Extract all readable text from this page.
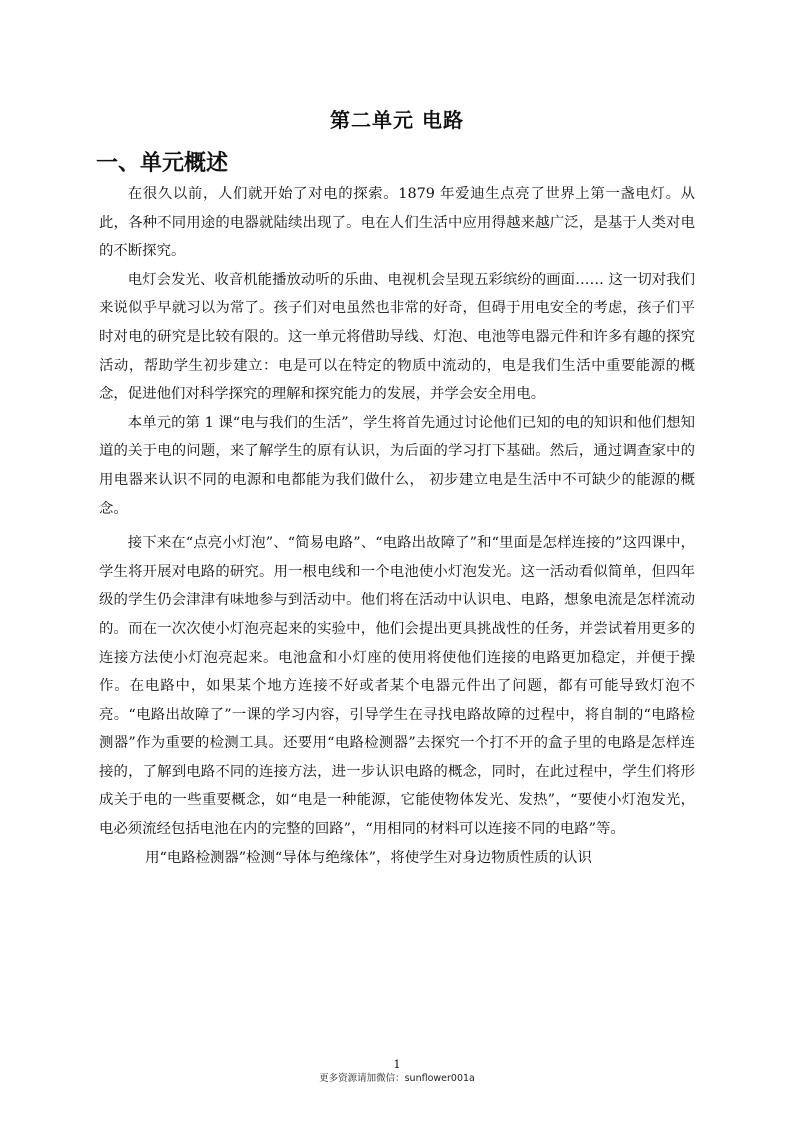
第二单元 电路
一、单元概述

在很久以前，人们就开始了对电的探索。1879 年爱迪生点亮了世界上第一盏电灯。从此，各种不同用途的电器就陆续出现了。电在人们生活中应用得越来越广泛，是基于人类对电的不断探究。

电灯会发光、收音机能播放动听的乐曲、电视机会呈现五彩缤纷的画面…… 这一切对我们来说似乎早就习以为常了。孩子们对电虽然也非常的好奇，但碍于用电安全的考虑，孩子们平时对电的研究是比较有限的。这一单元将借助导线、灯泡、电池等电器元件和许多有趣的探究活动，帮助学生初步建立：电是可以在特定的物质中流动的，电是我们生活中重要能源的概念，促进他们对科学探究的理解和探究能力的发展，并学会安全用电。

本单元的第 1 课“电与我们的生活”，学生将首先通过讨论他们已知的电的知识和他们想知道的关于电的问题，来了解学生的原有认识，为后面的学习打下基础。然后，通过调查家中的用电器来认识不同的电源和电都能为我们做什么， 初步建立电是生活中不可缺少的能源的概念。

接下来在“点亮小灯泡”、“简易电路”、“电路出故障了”和“里面是怎样连接的”这四课中，学生将开展对电路的研究。用一根电线和一个电池使小灯泡发光。这一活动看似简单，但四年级的学生仍会津津有味地参与到活动中。他们将在活动中认识电、电路，想象电流是怎样流动的。而在一次次使小灯泡亮起来的实验中，他们会提出更具挑战性的任务，并尝试着用更多的连接方法使小灯泡亮起来。电池盒和小灯座的使用将使他们连接的电路更加稳定，并便于操作。在电路中，如果某个地方连接不好或者某个电器元件出了问题，都有可能导致灯泡不亮。“电路出故障了”一课的学习内容，引导学生在寻找电路故障的过程中，将自制的“电路检测器”作为重要的检测工具。还要用“电路检测器”去探究一个打不开的盒子里的电路是怎样连接的，了解到电路不同的连接方法，进一步认识电路的概念，同时，在此过程中，学生们将形成关于电的一些重要概念，如“电是一种能源，它能使物体发光、发热”，“要使小灯泡发光，电必须流经包括电池在内的完整的回路”，“用相同的材料可以连接不同的电路”等。

用“电路检测器”检测“导体与绝缘体”，将使学生对身边物质性质的认识

1
更多资源请加微信：sunflower001a
